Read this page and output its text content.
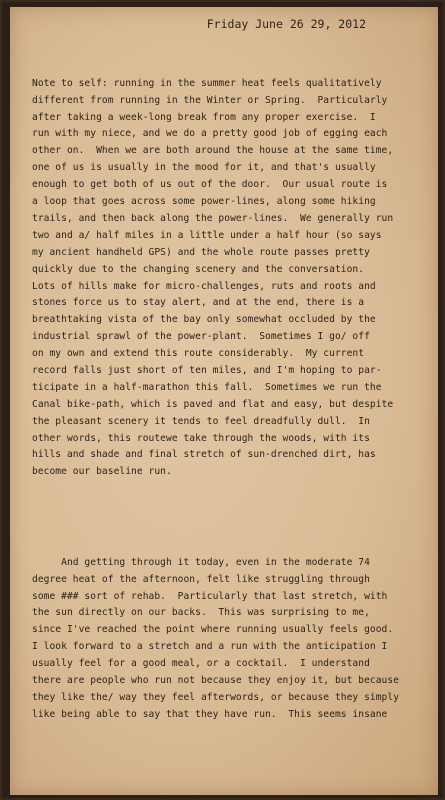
Friday June 26 29, 2012

Note to self: running in the summer heat feels qualitatively
different from running in the Winter or Spring.  Particularly
after taking a week-long break from any proper exercise.  I
run with my niece, and we do a pretty good job of egging each
other on.  When we are both around the house at the same time,
one of us is usually in the mood for it, and that's usually
enough to get both of us out of the door.  Our usual route is
a loop that goes across some power-lines, along some hiking
trails, and then back along the power-lines.  We generally run
two and a/ half miles in a little under a half hour (so says
my ancient handheld GPS) and the whole route passes pretty
quickly due to the changing scenery and the conversation.
Lots of hills make for micro-challenges, ruts and roots and
stones force us to stay alert, and at the end, there is a
breathtaking vista of the bay only somewhat occluded by the
industrial sprawl of the power-plant.  Sometimes I go/ off
on my own and extend this route considerably.  My current
record falls just short of ten miles, and I'm hoping to par-
ticipate in a half-marathon this fall.  Sometimes we run the
Canal bike-path, which is paved and flat and easy, but despite
the pleasant scenery it tends to feel dreadfully dull.  In
other words, this routewe take through the woods, with its
hills and shade and final stretch of sun-drenched dirt, has
become our baseline run.

And getting through it today, even in the moderate 74
degree heat of the afternoon, felt like struggling through
some ### sort of rehab.  Particularly that last stretch, with
the sun directly on our backs.  This was surprising to me,
since I've reached the point where running usually feels good.
I look forward to a stretch and a run with the anticipation I
usually feel for a good meal, or a cocktail.  I understand
there are people who run not because they enjoy it, but because
they like the/ way they feel afterwords, or because they simply
like being able to say that they have run.  This seems insane
